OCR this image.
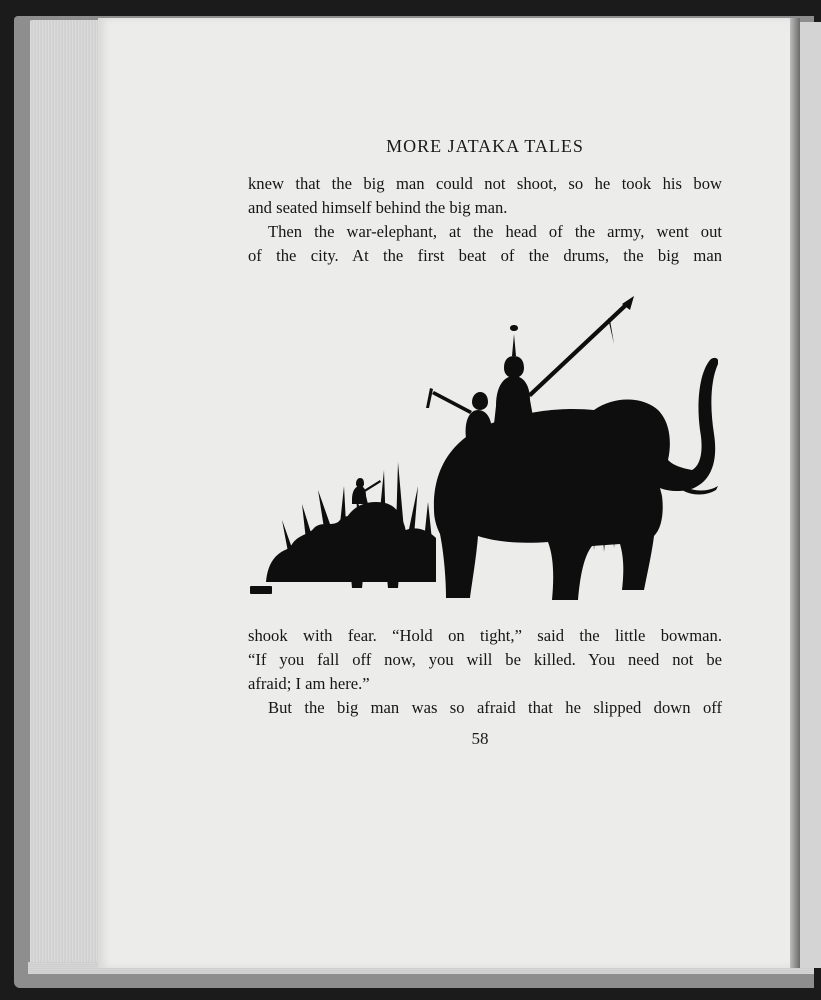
MORE JATAKA TALES
knew that the big man could not shoot, so he took his bow
and seated himself behind the big man.
Then the war-elephant, at the head of the army, went out
of the city. At the first beat of the drums, the big man
shook with fear. “Hold on tight,” said the little bowman.
“If you fall off now, you will be killed. You need not be
afraid; I am here.”
But the big man was so afraid that he slipped down off
58
